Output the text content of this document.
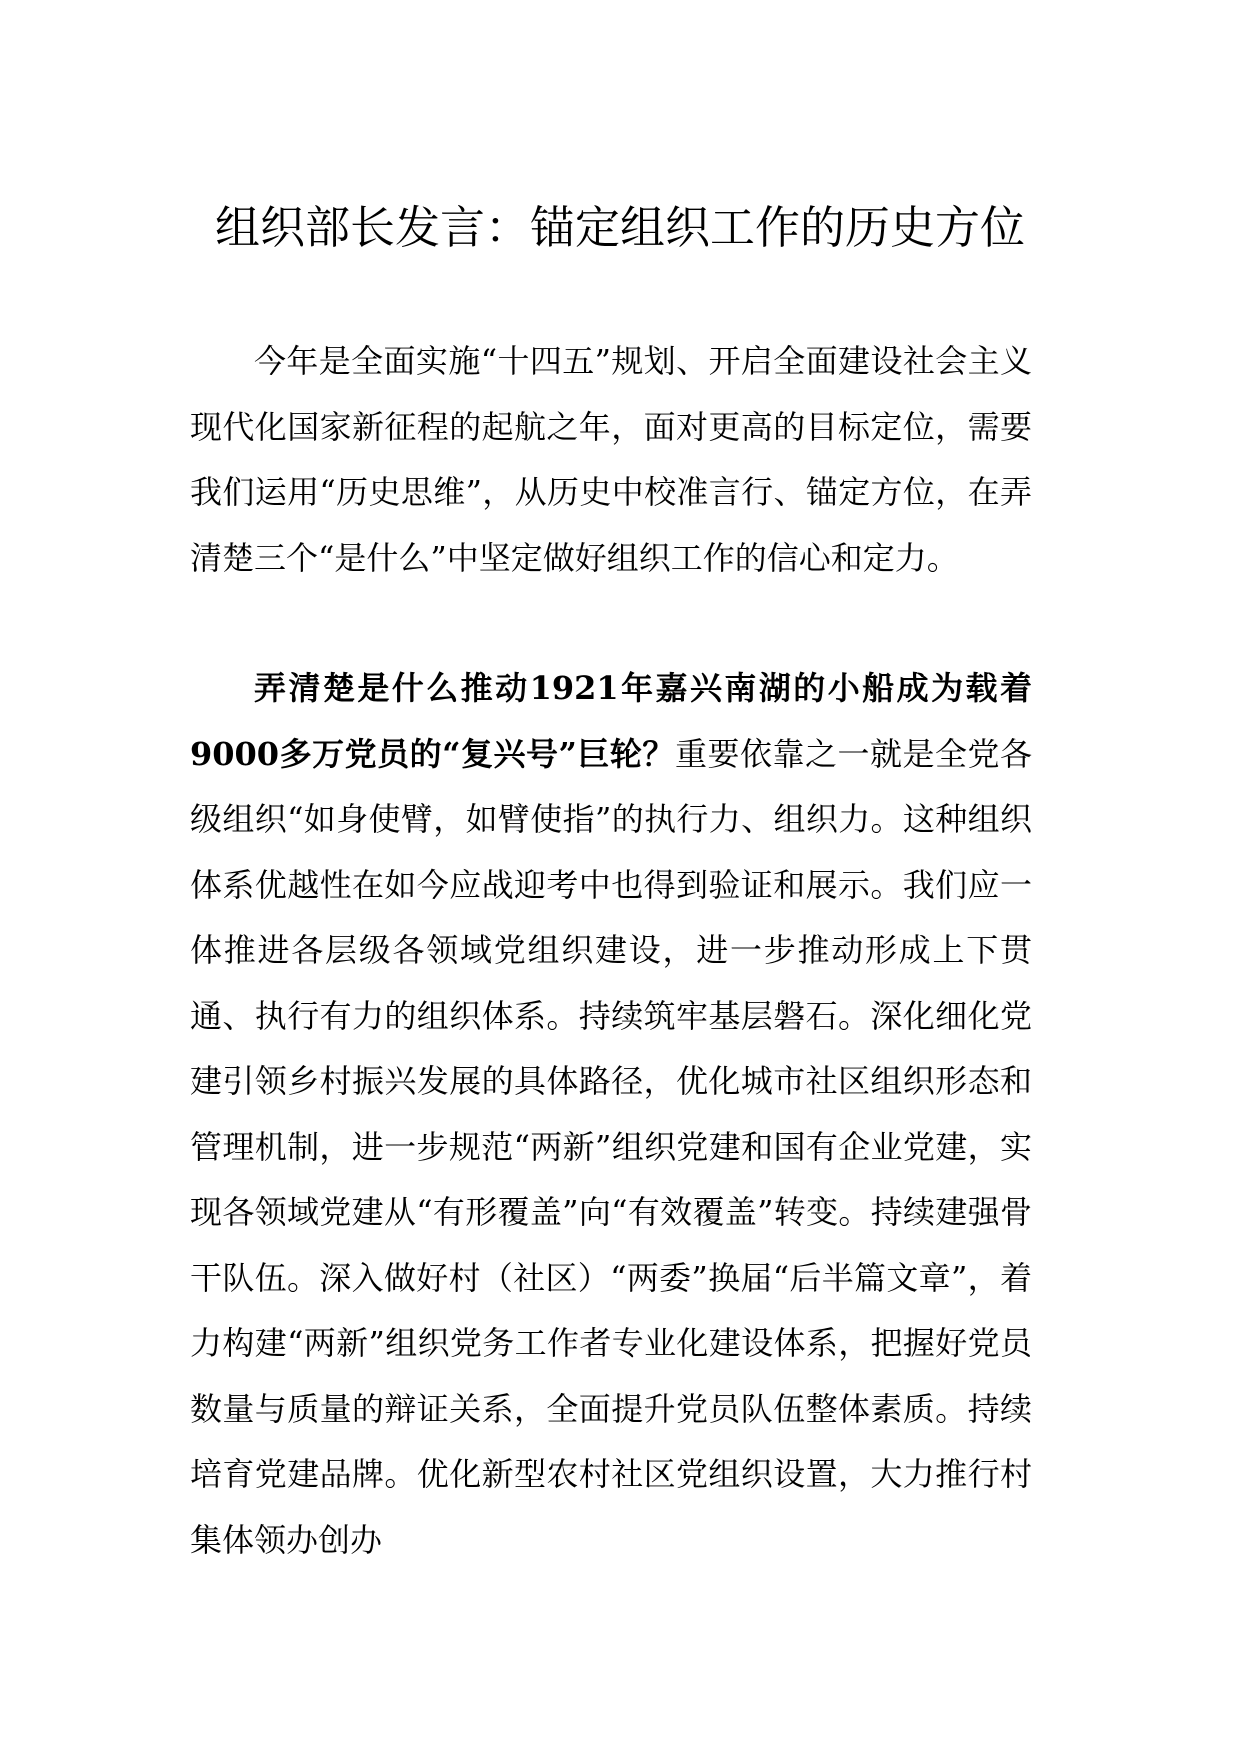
组织部长发言：锚定组织工作的历史方位

今年是全面实施“十四五”规划、开启全面建设社会主义现代化国家新征程的起航之年，面对更高的目标定位，需要我们运用“历史思维”，从历史中校准言行、锚定方位，在弄清楚三个“是什么”中坚定做好组织工作的信心和定力。

弄清楚是什么推动1921年嘉兴南湖的小船成为载着9000多万党员的“复兴号”巨轮？重要依靠之一就是全党各级组织“如身使臂，如臂使指”的执行力、组织力。这种组织体系优越性在如今应战迎考中也得到验证和展示。我们应一体推进各层级各领域党组织建设，进一步推动形成上下贯通、执行有力的组织体系。持续筑牢基层磐石。深化细化党建引领乡村振兴发展的具体路径，优化城市社区组织形态和管理机制，进一步规范“两新”组织党建和国有企业党建，实现各领域党建从“有形覆盖”向“有效覆盖”转变。持续建强骨干队伍。深入做好村（社区）“两委”换届“后半篇文章”，着力构建“两新”组织党务工作者专业化建设体系，把握好党员数量与质量的辩证关系，全面提升党员队伍整体素质。持续培育党建品牌。优化新型农村社区党组织设置，大力推行村集体领办创办
